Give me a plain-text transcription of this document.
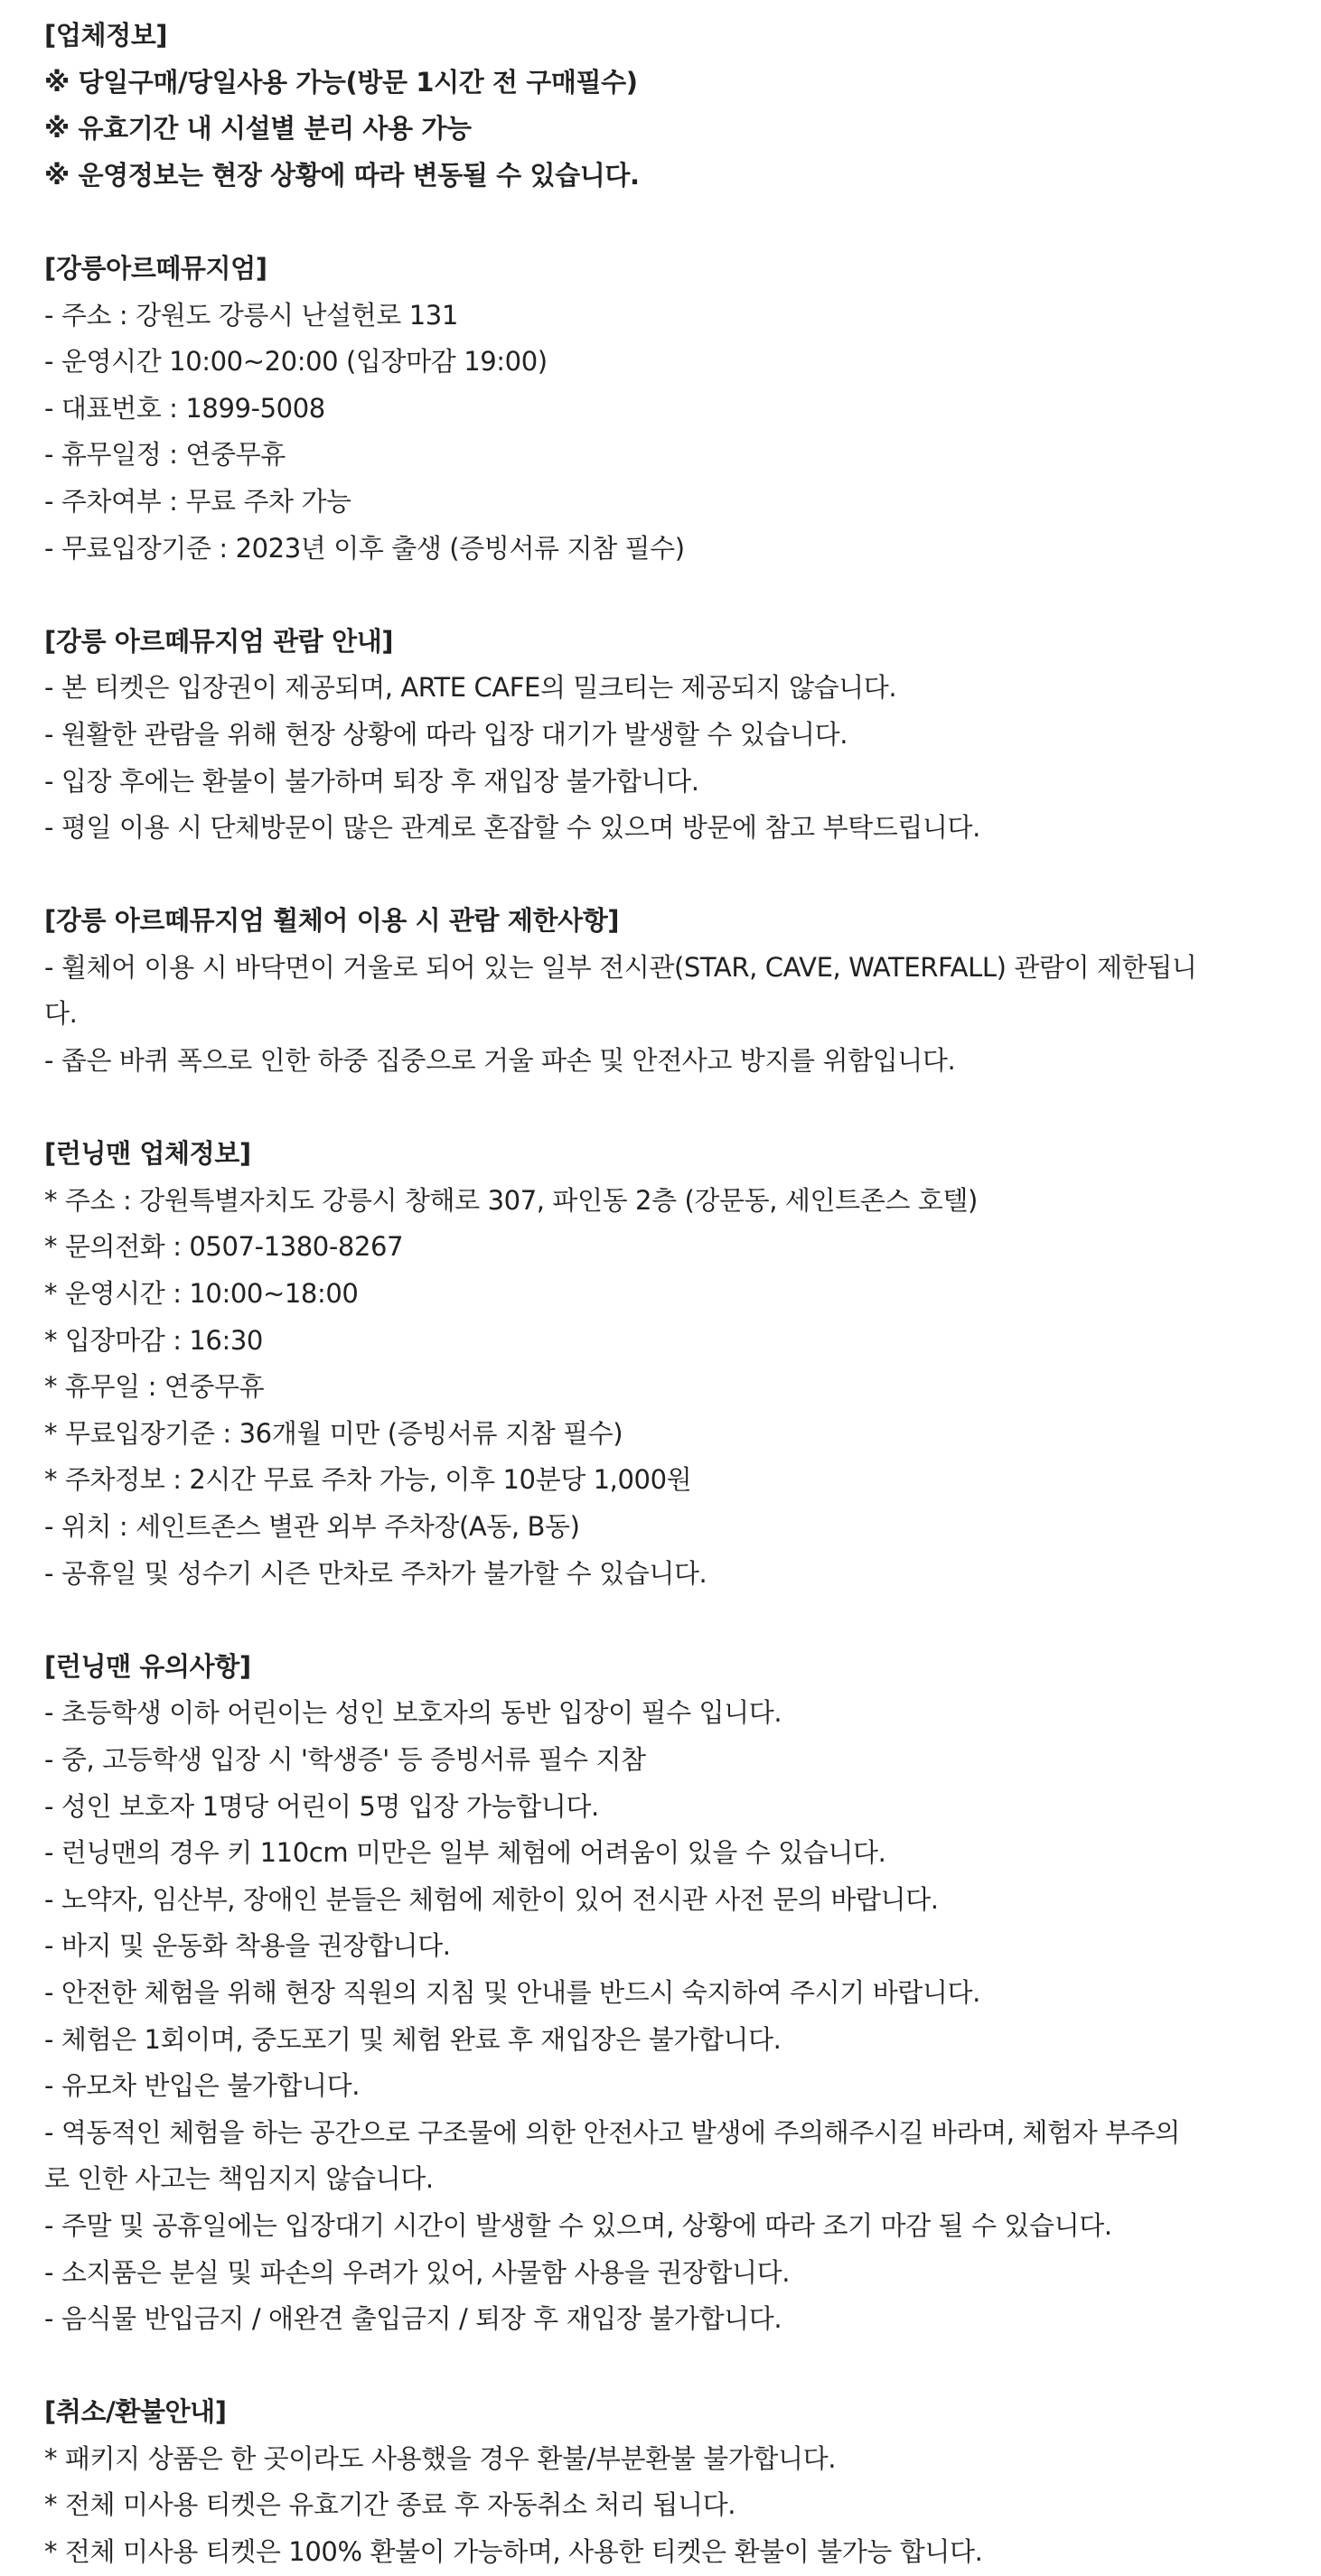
[업체정보]
※ 당일구매/당일사용 가능(방문 1시간 전 구매필수)
※ 유효기간 내 시설별 분리 사용 가능
※ 운영정보는 현장 상황에 따라 변동될 수 있습니다.
[강릉아르떼뮤지엄]
- 주소 : 강원도 강릉시 난설헌로 131
- 운영시간 10:00~20:00 (입장마감 19:00)
- 대표번호 : 1899-5008
- 휴무일정 : 연중무휴
- 주차여부 : 무료 주차 가능
- 무료입장기준 : 2023년 이후 출생 (증빙서류 지참 필수)
[강릉 아르떼뮤지엄 관람 안내]
- 본 티켓은 입장권이 제공되며, ARTE CAFE의 밀크티는 제공되지 않습니다.
- 원활한 관람을 위해 현장 상황에 따라 입장 대기가 발생할 수 있습니다.
- 입장 후에는 환불이 불가하며 퇴장 후 재입장 불가합니다.
- 평일 이용 시 단체방문이 많은 관계로 혼잡할 수 있으며 방문에 참고 부탁드립니다.
[강릉 아르떼뮤지엄 휠체어 이용 시 관람 제한사항]
- 휠체어 이용 시 바닥면이 거울로 되어 있는 일부 전시관(STAR, CAVE, WATERFALL) 관람이 제한됩니
다.
- 좁은 바퀴 폭으로 인한 하중 집중으로 거울 파손 및 안전사고 방지를 위함입니다.
[런닝맨 업체정보]
* 주소 : 강원특별자치도 강릉시 창해로 307, 파인동 2층 (강문동, 세인트존스 호텔)
* 문의전화 : 0507-1380-8267
* 운영시간 : 10:00~18:00
* 입장마감 : 16:30
* 휴무일 : 연중무휴
* 무료입장기준 : 36개월 미만 (증빙서류 지참 필수)
* 주차정보 : 2시간 무료 주차 가능, 이후 10분당 1,000원
- 위치 : 세인트존스 별관 외부 주차장(A동, B동)
- 공휴일 및 성수기 시즌 만차로 주차가 불가할 수 있습니다.
[런닝맨 유의사항]
- 초등학생 이하 어린이는 성인 보호자의 동반 입장이 필수 입니다.
- 중, 고등학생 입장 시 '학생증' 등 증빙서류 필수 지참
- 성인 보호자 1명당 어린이 5명 입장 가능합니다.
- 런닝맨의 경우 키 110cm 미만은 일부 체험에 어려움이 있을 수 있습니다.
- 노약자, 임산부, 장애인 분들은 체험에 제한이 있어 전시관 사전 문의 바랍니다.
- 바지 및 운동화 착용을 권장합니다.
- 안전한 체험을 위해 현장 직원의 지침 및 안내를 반드시 숙지하여 주시기 바랍니다.
- 체험은 1회이며, 중도포기 및 체험 완료 후 재입장은 불가합니다.
- 유모차 반입은 불가합니다.
- 역동적인 체험을 하는 공간으로 구조물에 의한 안전사고 발생에 주의해주시길 바라며, 체험자 부주의
로 인한 사고는 책임지지 않습니다.
- 주말 및 공휴일에는 입장대기 시간이 발생할 수 있으며, 상황에 따라 조기 마감 될 수 있습니다.
- 소지품은 분실 및 파손의 우려가 있어, 사물함 사용을 권장합니다.
- 음식물 반입금지 / 애완견 출입금지 / 퇴장 후 재입장 불가합니다.
[취소/환불안내]
* 패키지 상품은 한 곳이라도 사용했을 경우 환불/부분환불 불가합니다.
* 전체 미사용 티켓은 유효기간 종료 후 자동취소 처리 됩니다.
* 전체 미사용 티켓은 100% 환불이 가능하며, 사용한 티켓은 환불이 불가능 합니다.
